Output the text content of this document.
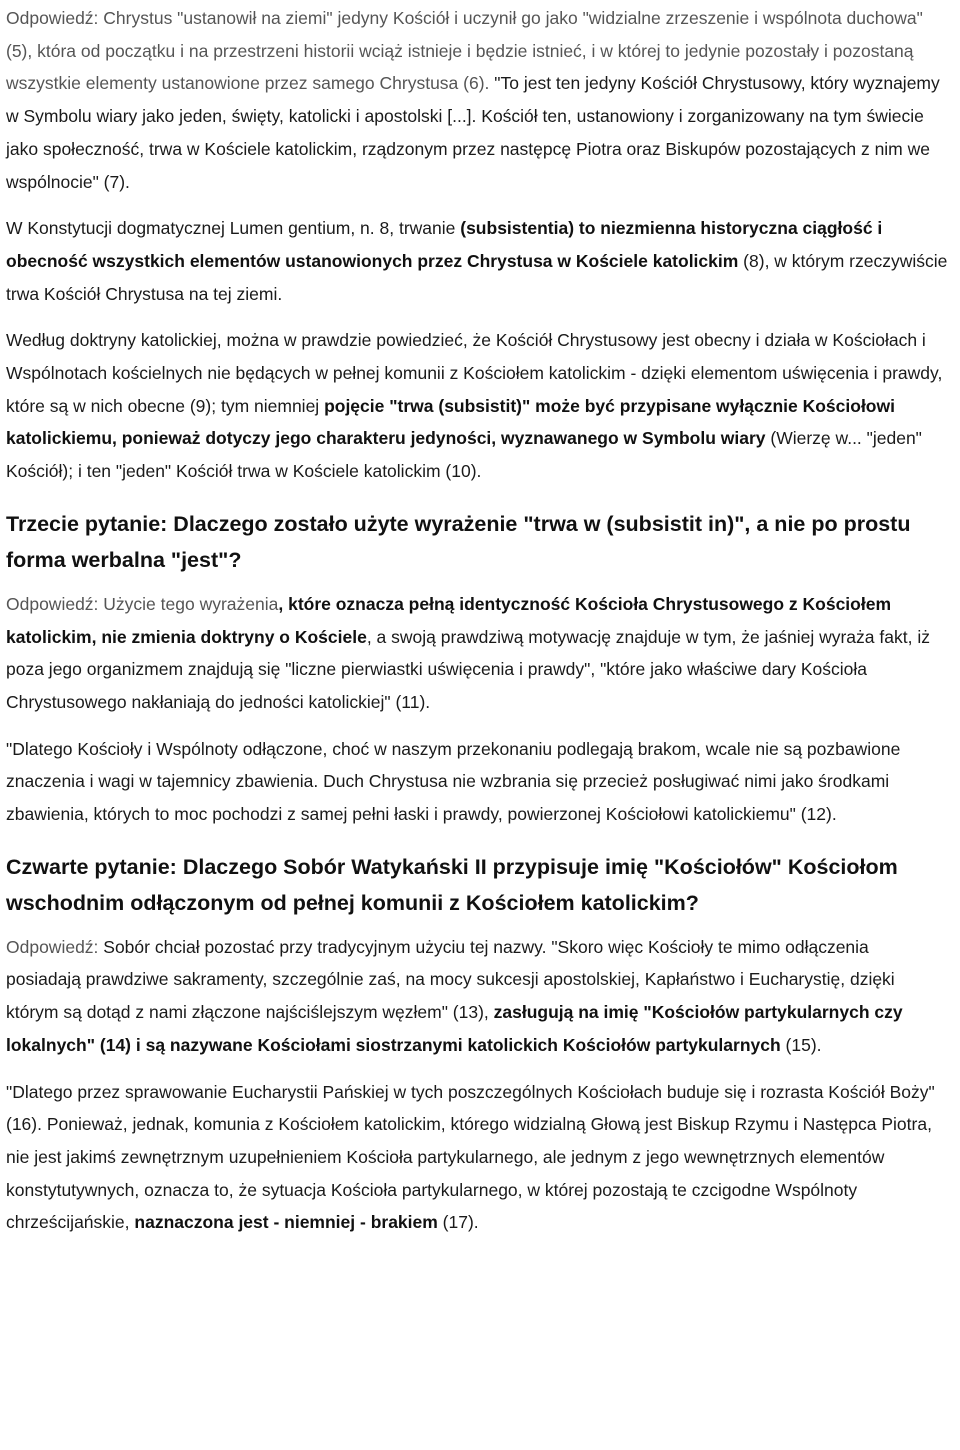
Odpowiedź: Chrystus "ustanowił na ziemi" jedyny Kościół i uczynił go jako "widzialne zrzeszenie i wspólnota duchowa" (5), która od początku i na przestrzeni historii wciąż istnieje i będzie istnieć, i w której to jedynie pozostały i pozostaną wszystkie elementy ustanowione przez samego Chrystusa (6). "To jest ten jedyny Kościół Chrystusowy, który wyznajemy w Symbolu wiary jako jeden, święty, katolicki i apostolski [...]. Kościół ten, ustanowiony i zorganizowany na tym świecie jako społeczność, trwa w Kościele katolickim, rządzonym przez następcę Piotra oraz Biskupów pozostających z nim we wspólnocie" (7).

W Konstytucji dogmatycznej Lumen gentium, n. 8, trwanie (subsistentia) to niezmienna historyczna ciągłość i obecność wszystkich elementów ustanowionych przez Chrystusa w Kościele katolickim (8), w którym rzeczywiście trwa Kościół Chrystusa na tej ziemi.

Według doktryny katolickiej, można w prawdzie powiedzieć, że Kościół Chrystusowy jest obecny i działa w Kościołach i Wspólnotach kościelnych nie będących w pełnej komunii z Kościołem katolickim - dzięki elementom uświęcenia i prawdy, które są w nich obecne (9); tym niemniej pojęcie "trwa (subsistit)" może być przypisane wyłącznie Kościołowi katolickiemu, ponieważ dotyczy jego charakteru jedyności, wyznawanego w Symbolu wiary (Wierzę w... "jeden" Kościół); i ten "jeden" Kościół trwa w Kościele katolickim (10).

Trzecie pytanie: Dlaczego zostało użyte wyrażenie "trwa w (subsistit in)", a nie po prostu forma werbalna "jest"?

Odpowiedź: Użycie tego wyrażenia, które oznacza pełną identyczność Kościoła Chrystusowego z Kościołem katolickim, nie zmienia doktryny o Kościele, a swoją prawdziwą motywację znajduje w tym, że jaśniej wyraża fakt, iż poza jego organizmem znajdują się "liczne pierwiastki uświęcenia i prawdy", "które jako właściwe dary Kościoła Chrystusowego nakłaniają do jedności katolickiej" (11).

"Dlatego Kościoły i Wspólnoty odłączone, choć w naszym przekonaniu podlegają brakom, wcale nie są pozbawione znaczenia i wagi w tajemnicy zbawienia. Duch Chrystusa nie wzbrania się przecież posługiwać nimi jako środkami zbawienia, których to moc pochodzi z samej pełni łaski i prawdy, powierzonej Kościołowi katolickiemu" (12).

Czwarte pytanie: Dlaczego Sobór Watykański II przypisuje imię "Kościołów" Kościołom wschodnim odłączonym od pełnej komunii z Kościołem katolickim?

Odpowiedź: Sobór chciał pozostać przy tradycyjnym użyciu tej nazwy. "Skoro więc Kościoły te mimo odłączenia posiadają prawdziwe sakramenty, szczególnie zaś, na mocy sukcesji apostolskiej, Kapłaństwo i Eucharystię, dzięki którym są dotąd z nami złączone najściślejszym węzłem" (13), zasługują na imię "Kościołów partykularnych czy lokalnych" (14) i są nazywane Kościołami siostrzanymi katolickich Kościołów partykularnych (15).

"Dlatego przez sprawowanie Eucharystii Pańskiej w tych poszczególnych Kościołach buduje się i rozrasta Kościół Boży" (16). Ponieważ, jednak, komunia z Kościołem katolickim, którego widzialną Głową jest Biskup Rzymu i Następca Piotra, nie jest jakimś zewnętrznym uzupełnieniem Kościoła partykularnego, ale jednym z jego wewnętrznych elementów konstytutywnych, oznacza to, że sytuacja Kościoła partykularnego, w której pozostają te czcigodne Wspólnoty chrześcijańskie, naznaczona jest - niemniej - brakiem (17).
